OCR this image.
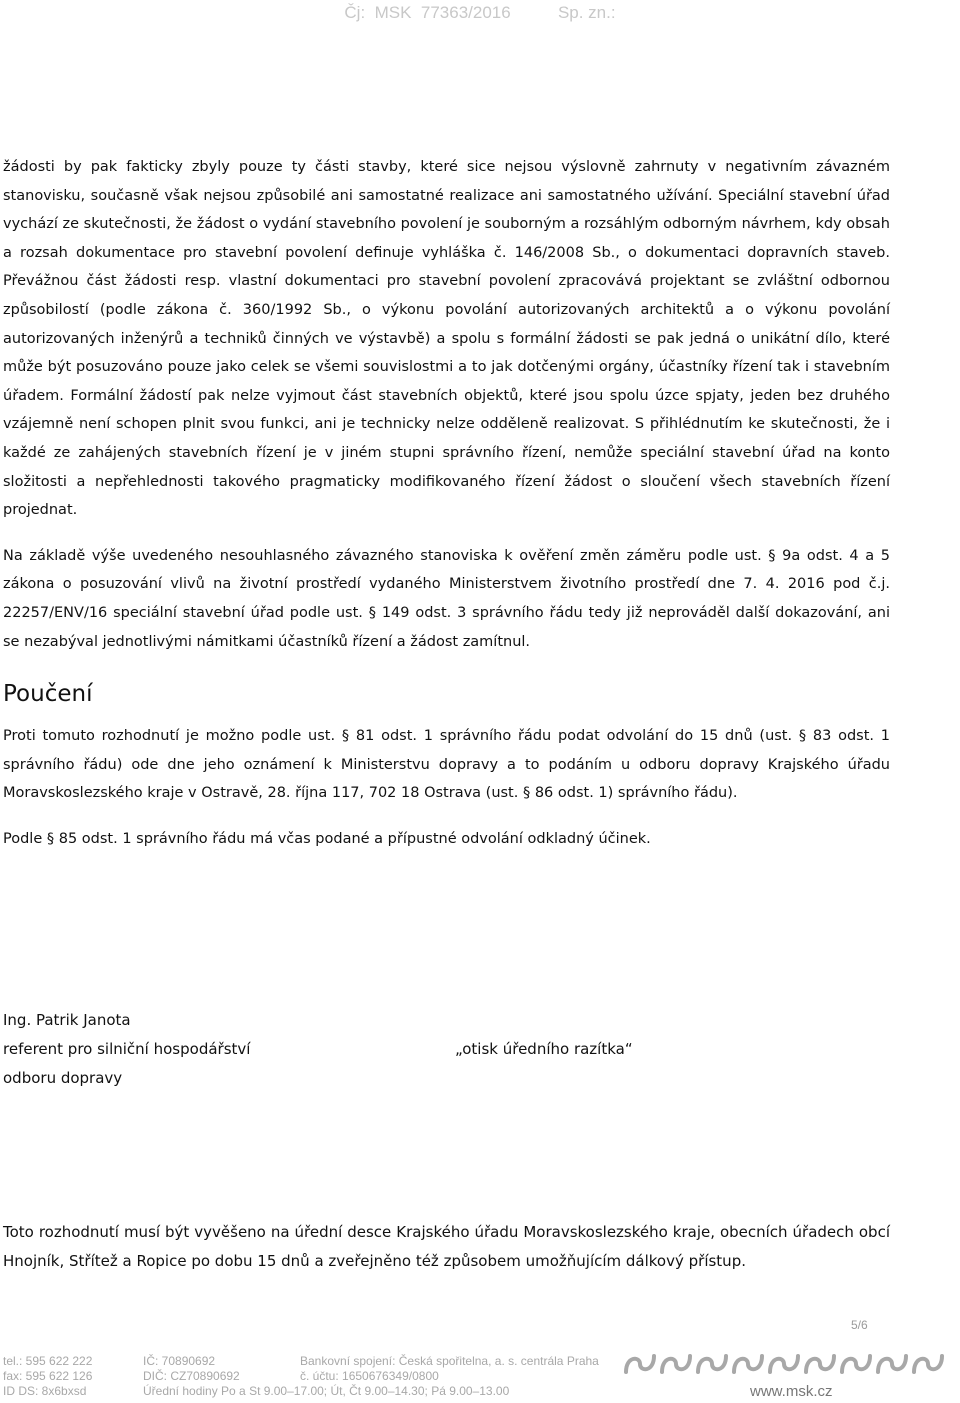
Čj:  MSK  77363/2016          Sp. zn.:

žádosti by pak fakticky zbyly pouze ty části stavby, které sice nejsou výslovně zahrnuty v negativním závazném stanovisku, současně však nejsou způsobilé ani samostatné realizace ani samostatného užívání. Speciální stavební úřad vychází ze skutečnosti, že žádost o vydání stavebního povolení je souborným a rozsáhlým odborným návrhem, kdy obsah a rozsah dokumentace pro stavební povolení definuje vyhláška č. 146/2008 Sb., o dokumentaci dopravních staveb. Převážnou část žádosti resp. vlastní dokumentaci pro stavební povolení zpracovává projektant se zvláštní odbornou způsobilostí (podle zákona č. 360/1992 Sb., o výkonu povolání autorizovaných architektů a o výkonu povolání autorizovaných inženýrů a techniků činných ve výstavbě) a spolu s formální žádosti se pak jedná o unikátní dílo, které může být posuzováno pouze jako celek se všemi souvislostmi a to jak dotčenými orgány, účastníky řízení tak i stavebním úřadem. Formální žádostí pak nelze vyjmout část stavebních objektů, které jsou spolu úzce spjaty, jeden bez druhého vzájemně není schopen plnit svou funkci, ani je technicky nelze odděleně realizovat. S přihlédnutím ke skutečnosti, že i každé ze zahájených stavebních řízení je v jiném stupni správního řízení, nemůže speciální stavební úřad na konto složitosti a nepřehlednosti takového pragmaticky modifikovaného řízení žádost o sloučení všech stavebních řízení projednat.

Na základě výše uvedeného nesouhlasného závazného stanoviska k ověření změn záměru podle ust. § 9a odst. 4 a 5 zákona o posuzování vlivů na životní prostředí vydaného Ministerstvem životního prostředí dne 7. 4. 2016 pod č.j. 22257/ENV/16 speciální stavební úřad podle ust. § 149 odst. 3 správního řádu tedy již neprováděl další dokazování, ani se nezabýval jednotlivými námitkami účastníků řízení a žádost zamítnul.

Poučení

Proti tomuto rozhodnutí je možno podle ust. § 81 odst. 1 správního řádu podat odvolání do 15 dnů (ust. § 83 odst. 1 správního řádu) ode dne jeho oznámení k Ministerstvu dopravy a to podáním u odboru dopravy Krajského úřadu Moravskoslezského kraje v Ostravě, 28. října 117, 702 18 Ostrava (ust. § 86 odst. 1) správního řádu).

Podle § 85 odst. 1 správního řádu má včas podané a přípustné odvolání odkladný účinek.

Ing. Patrik Janota
referent pro silniční hospodářství	„otisk úředního razítka“
odboru dopravy
Toto rozhodnutí musí být vyvěšeno na úřední desce Krajského úřadu Moravskoslezského kraje, obecních úřadech obcí Hnojník, Střítež a Ropice po dobu 15 dnů a zveřejněno též způsobem umožňujícím dálkový přístup.
5/6
tel.: 595 622 222
fax: 595 622 126
ID DS: 8x6bxsd
IČ: 70890692
DIČ: CZ70890692
Úřední hodiny Po a St 9.00–17.00; Út, Čt 9.00–14.30; Pá 9.00–13.00
Bankovní spojení: Česká spořitelna, a. s. centrála Praha
č. účtu: 1650676349/0800
www.msk.cz
